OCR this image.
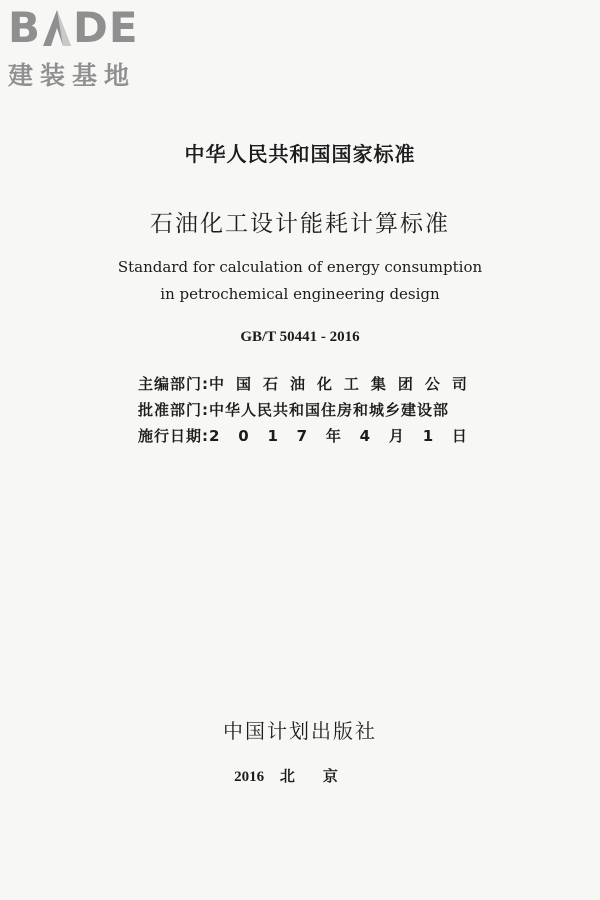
B DE
建装基地
中华人民共和国国家标准
石油化工设计能耗计算标准
Standard for calculation of energy consumption
in petrochemical engineering design
GB/T 50441 - 2016
主编部门: 中 国 石 油 化 工 集 团 公 司
批准部门: 中华人民共和国住房和城乡建设部
施行日期: 2 0 1 7 年 4 月 1 日
中国计划出版社
2016 北京
